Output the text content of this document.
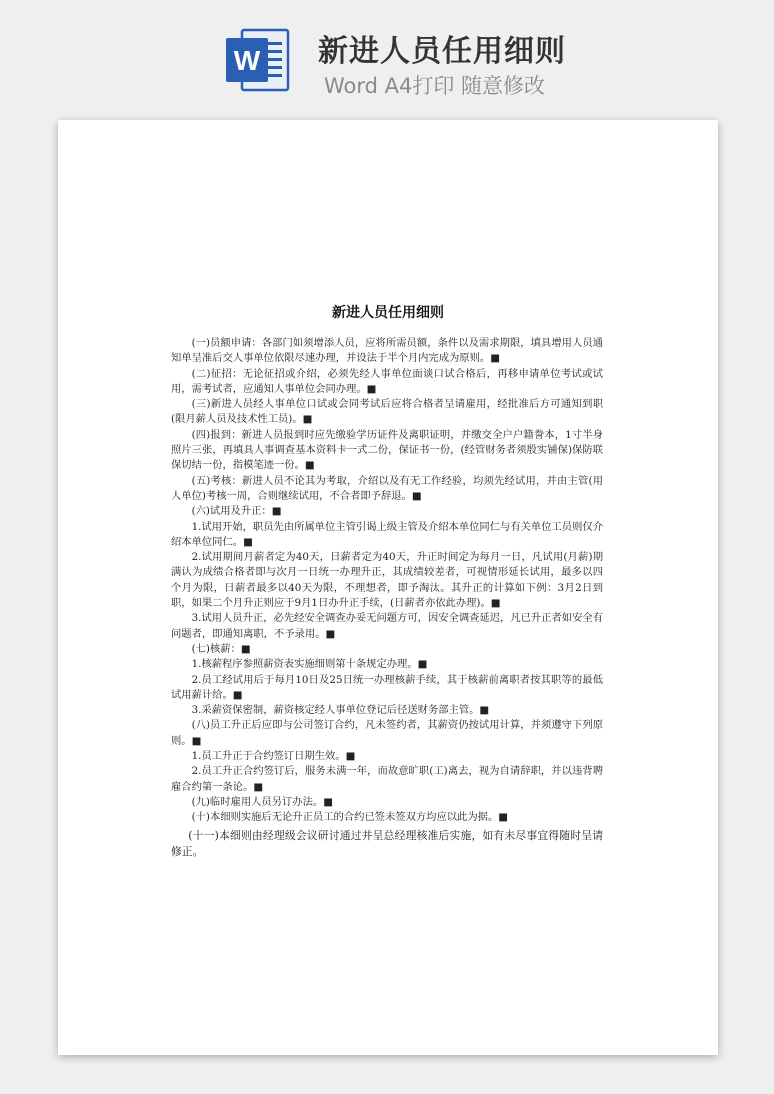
W 新进人员任用细则
Word A4打印 随意修改
新进人员任用细则

(一)员额申请：各部门如须增添人员，应将所需员额，条件以及需求期限，填具增用人员通知单呈准后交人事单位依限尽速办理，并设法于半个月内完成为原则。■

(二)征招：无论征招或介绍，必须先经人事单位面谈口试合格后，再移申请单位考试或试用，需考试者，应通知人事单位会同办理。■

(三)新进人员经人事单位口试或会同考试后应将合格者呈请雇用，经批准后方可通知到职(限月薪人员及技术性工员)。■

(四)报到：新进人员报到时应先缴验学历证件及离职证明，并缴交全户户籍誊本，1寸半身照片三张，再填具人事调查基本资料卡一式二份，保证书一份，(经管财务者须殷实铺保)保防联保切结一份，指模笔迹一份。■

(五)考核：新进人员不论其为考取，介绍以及有无工作经验，均须先经试用，并由主管(用人单位)考核一周，合则继续试用，不合者即予辞退。■

(六)试用及升正：■

1.试用开始，职员先由所属单位主管引谒上级主管及介绍本单位同仁与有关单位工员则仅介绍本单位同仁。■

2.试用期间月薪者定为40天，日薪者定为40天，升正时间定为每月一日，凡试用(月薪)期满认为成绩合格者即与次月一日统一办理升正，其成绩较差者，可视情形延长试用，最多以四个月为限，日薪者最多以40天为限，不理想者，即予淘汰。其升正的计算如下例：3月2日到职，如果二个月升正则应于9月1日办升正手续，(日薪者亦依此办理)。■

3.试用人员升正，必先经安全调查办妥无问题方可，因安全调查延迟，凡已升正者如安全有问题者，即通知离职，不予录用。■

(七)核薪：■

1.核薪程序参照薪资表实施细则第十条规定办理。■

2.员工经试用后于每月10日及25日统一办理核薪手续，其于核薪前离职者按其职等的最低试用薪计给。■

3.采薪资保密制，薪资核定经人事单位登记后径送财务部主管。■

(八)员工升正后应即与公司签订合约，凡未签约者，其薪资仍按试用计算，并须遵守下列原则。■

1.员工升正于合约签订日期生效。■

2.员工升正合约签订后，服务未满一年，而故意旷职(工)离去，视为自请辞职，并以违背聘雇合约第一条论。■

(九)临时雇用人员另订办法。■

(十)本细则实施后无论升正员工的合约已签未签双方均应以此为据。■

(十一)本细则由经理级会议研讨通过并呈总经理核准后实施，如有未尽事宜得随时呈请修正。
